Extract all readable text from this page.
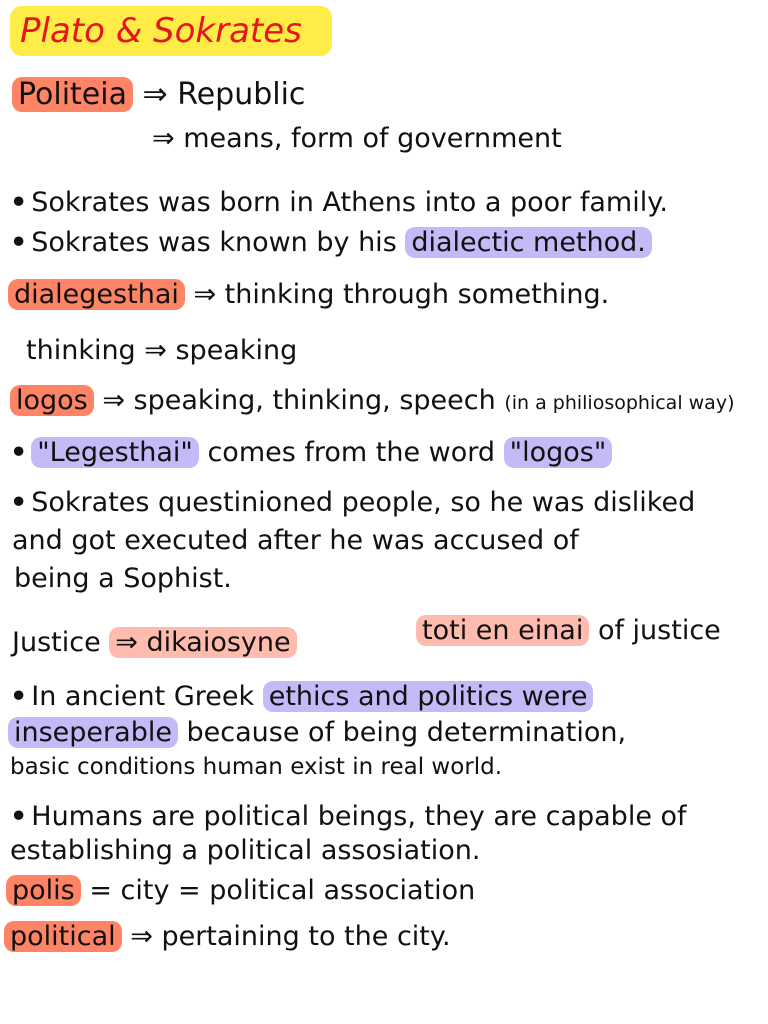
Plato & Sokrates
Politeia ⇒ Republic
⇒ means, form of government
• Sokrates was born in Athens into a poor family.
• Sokrates was known by his dialectic method.
dialegesthai ⇒ thinking through something.
thinking ⇒ speaking
logos ⇒ speaking, thinking, speech (in a philiosophical way)
• "Legesthai" comes from the word "logos"
• Sokrates questinioned people, so he was disliked
and got executed after he was accused of
being a Sophist.
Justice ⇒ dikaiosyne	toti en einai of justice
• In ancient Greek ethics and politics were
inseperable because of being determination,
basic conditions human exist in real world.
• Humans are political beings, they are capable of
establishing a political assosiation.
polis = city = political association
political ⇒ pertaining to the city.
